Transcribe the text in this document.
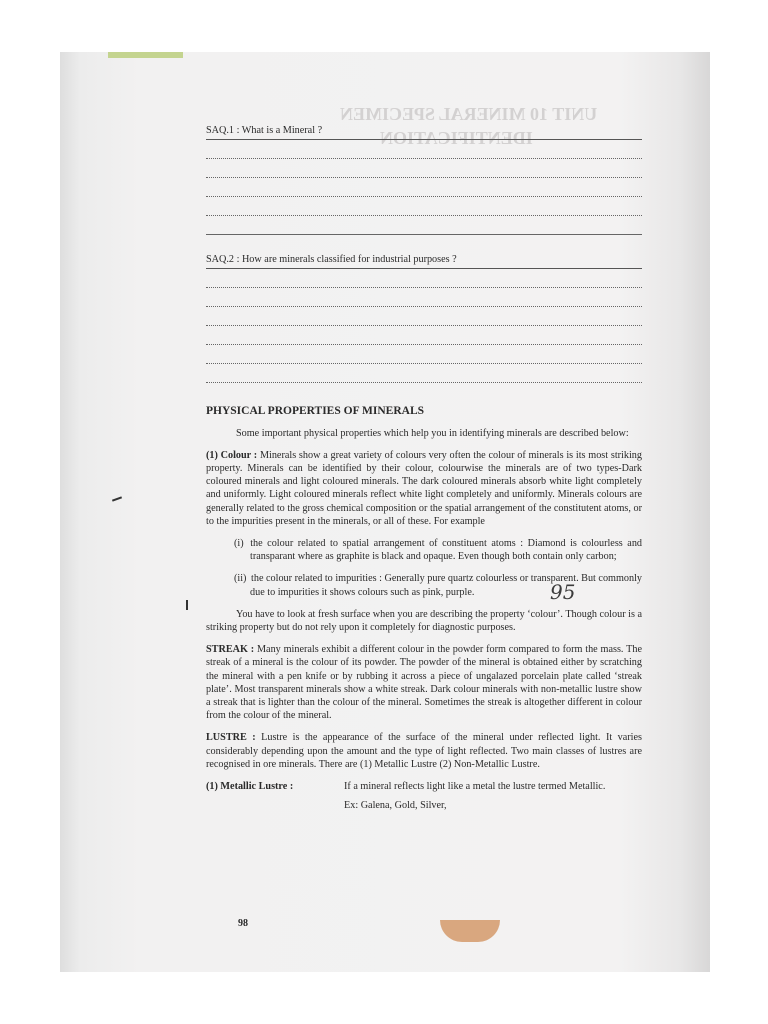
UNIT 10 MINERAL SPECIMEN
IDENTIFICATION

SAQ.1 : What is a Mineral ?

SAQ.2 : How are minerals classified for industrial purposes ?

PHYSICAL PROPERTIES OF MINERALS

Some important physical properties which help you in identifying minerals are described below:

(1) Colour : Minerals show a great variety of colours very often the colour of minerals is its most striking property. Minerals can be identified by their colour, colourwise the minerals are of two types-Dark coloured minerals and light coloured minerals. The dark coloured minerals absorb white light completely and uniformly. Light coloured minerals reflect white light completely and uniformly. Minerals colours are generally related to the gross chemical composition or the spatial arrangement of the constitutent atoms, or to the impurities present in the minerals, or all of these. For example

(i) the colour related to spatial arrangement of constituent atoms : Diamond is colourless and transparant where as graphite is black and opaque. Even though both contain only carbon;

(ii) the colour related to impurities : Generally pure quartz colourless or transparent. But commonly due to impurities it shows colours such as pink, purple.

You have to look at fresh surface when you are describing the property ‘colour’. Though colour is a striking property but do not rely upon it completely for diagnostic purposes.

STREAK : Many minerals exhibit a different colour in the powder form compared to form the mass. The streak of a mineral is the colour of its powder. The powder of the mineral is obtained either by scratching the mineral with a pen knife or by rubbing it across a piece of ungalazed porcelain plate called ‘streak plate’. Most transparent minerals show a white streak. Dark colour minerals with non-metallic lustre show a streak that is lighter than the colour of the mineral. Sometimes the streak is altogether different in colour from the colour of the mineral.

LUSTRE : Lustre is the appearance of the surface of the mineral under reflected light. It varies considerably depending upon the amount and the type of light reflected. Two main classes of lustres are recognised in ore minerals. There are (1) Metallic Lustre (2) Non-Metallic Lustre.

(1) Metallic Lustre :	If a mineral reflects light like a metal the lustre termed Metallic.
Ex: Galena, Gold, Silver,
95
98
